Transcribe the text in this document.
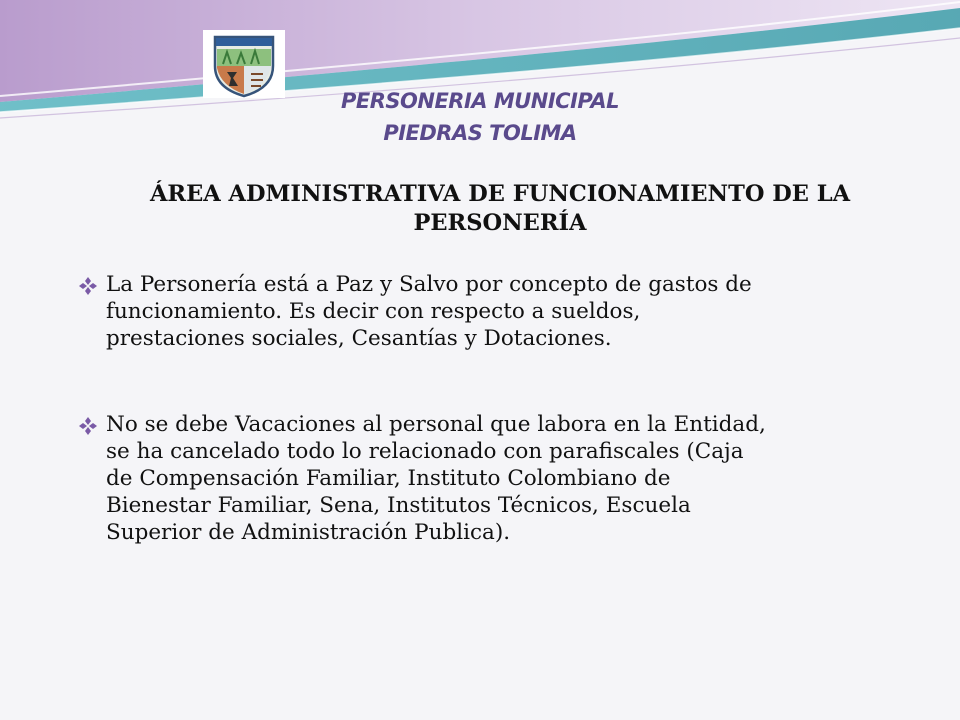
PERSONERIA MUNICIPAL
PIEDRAS TOLIMA
ÁREA ADMINISTRATIVA DE FUNCIONAMIENTO DE LA
PERSONERÍA
La Personería está a Paz y Salvo por concepto de gastos de
funcionamiento. Es decir con respecto a sueldos,
prestaciones sociales, Cesantías y Dotaciones.
No se debe Vacaciones al personal que labora en la Entidad,
se ha cancelado todo lo relacionado con parafiscales (Caja
de Compensación Familiar, Instituto Colombiano de
Bienestar Familiar, Sena, Institutos Técnicos, Escuela
Superior de Administración Publica).
